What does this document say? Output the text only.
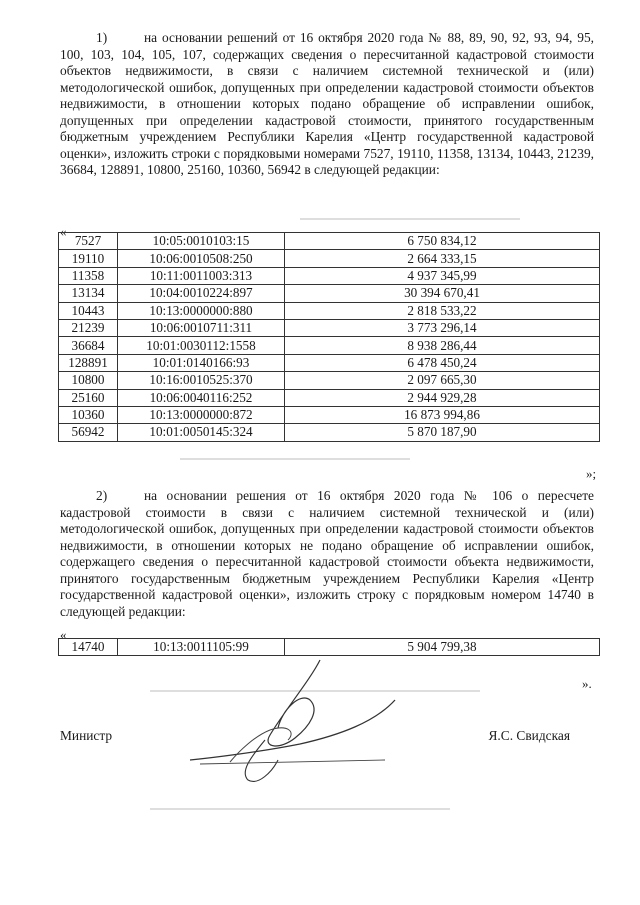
1)	на основании решений от 16 октября 2020 года № 88, 89, 90, 92, 93, 94, 95, 100, 103, 104, 105, 107, содержащих сведения о пересчитанной кадастровой стоимости объектов недвижимости, в связи с наличием системной технической и (или) методологической ошибок, допущенных при определении кадастровой стоимости объектов недвижимости, в отношении которых подано обращение об исправлении ошибок, допущенных при определении кадастровой стоимости, принятого государственным бюджетным учреждением Республики Карелия «Центр государственной кадастровой оценки», изложить строки с порядковыми номерами 7527, 19110, 11358, 13134, 10443, 21239, 36684, 128891, 10800, 25160, 10360, 56942 в следующей редакции:

«
7527	10:05:0010103:15	6 750 834,12
19110	10:06:0010508:250	2 664 333,15
11358	10:11:0011003:313	4 937 345,99
13134	10:04:0010224:897	30 394 670,41
10443	10:13:0000000:880	2 818 533,22
21239	10:06:0010711:311	3 773 296,14
36684	10:01:0030112:1558	8 938 286,44
128891	10:01:0140166:93	6 478 450,24
10800	10:16:0010525:370	2 097 665,30
25160	10:06:0040116:252	2 944 929,28
10360	10:13:0000000:872	16 873 994,86
56942	10:01:0050145:324	5 870 187,90
»;

2)	на основании решения от 16 октября 2020 года № 106 о пересчете кадастровой стоимости в связи с наличием системной технической и (или) методологической ошибок, допущенных при определении кадастровой стоимости объектов недвижимости, в отношении которых не подано обращение об исправлении ошибок, содержащего сведения о пересчитанной кадастровой стоимости объекта недвижимости, принятого государственным бюджетным учреждением Республики Карелия «Центр государственной кадастровой оценки», изложить строку с порядковым номером 14740 в следующей редакции:

«
14740	10:13:0011105:99	5 904 799,38
».
Министр	Я.С. Свидская
